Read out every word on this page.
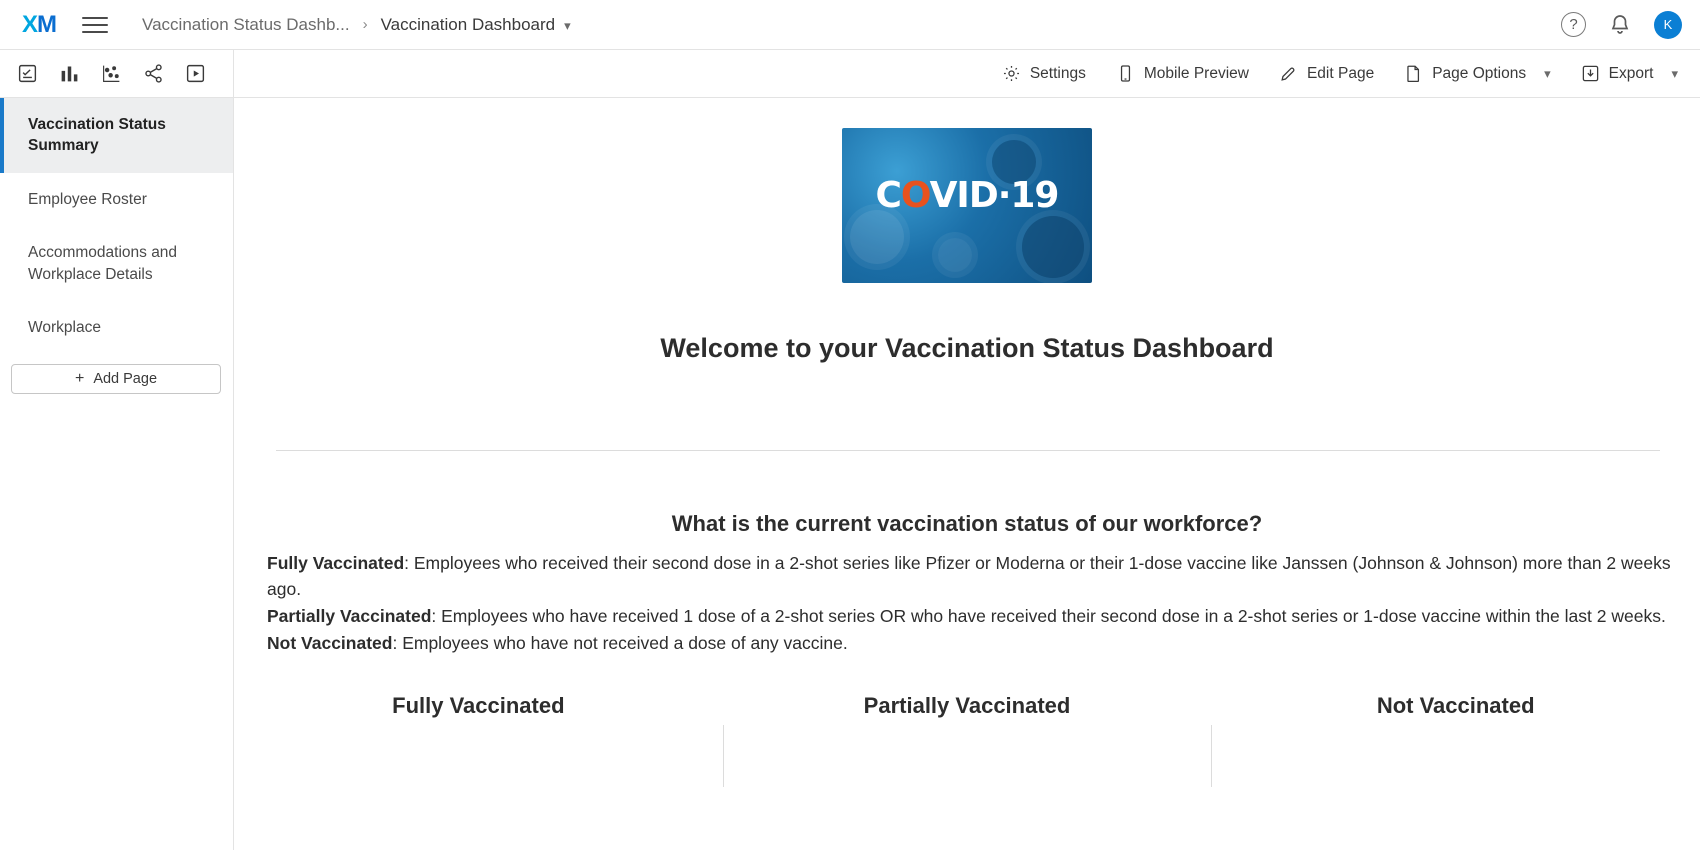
XM	Vaccination Status Dashb... › Vaccination Dashboard ▾	?	K
Settings	Mobile Preview	Edit Page	Page Options ▾	Export ▾
Vaccination Status Summary
Employee Roster
Accommodations and Workplace Details
Workplace
+ Add Page
COVID·19
Welcome to your Vaccination Status Dashboard
What is the current vaccination status of our workforce?

Fully Vaccinated: Employees who received their second dose in a 2-shot series like Pfizer or Moderna or their 1-dose vaccine like Janssen (Johnson & Johnson) more than 2 weeks ago.

Partially Vaccinated: Employees who have received 1 dose of a 2-shot series OR who have received their second dose in a 2-shot series or 1-dose vaccine within the last 2 weeks.

Not Vaccinated: Employees who have not received a dose of any vaccine.

Fully Vaccinated	Partially Vaccinated	Not Vaccinated
